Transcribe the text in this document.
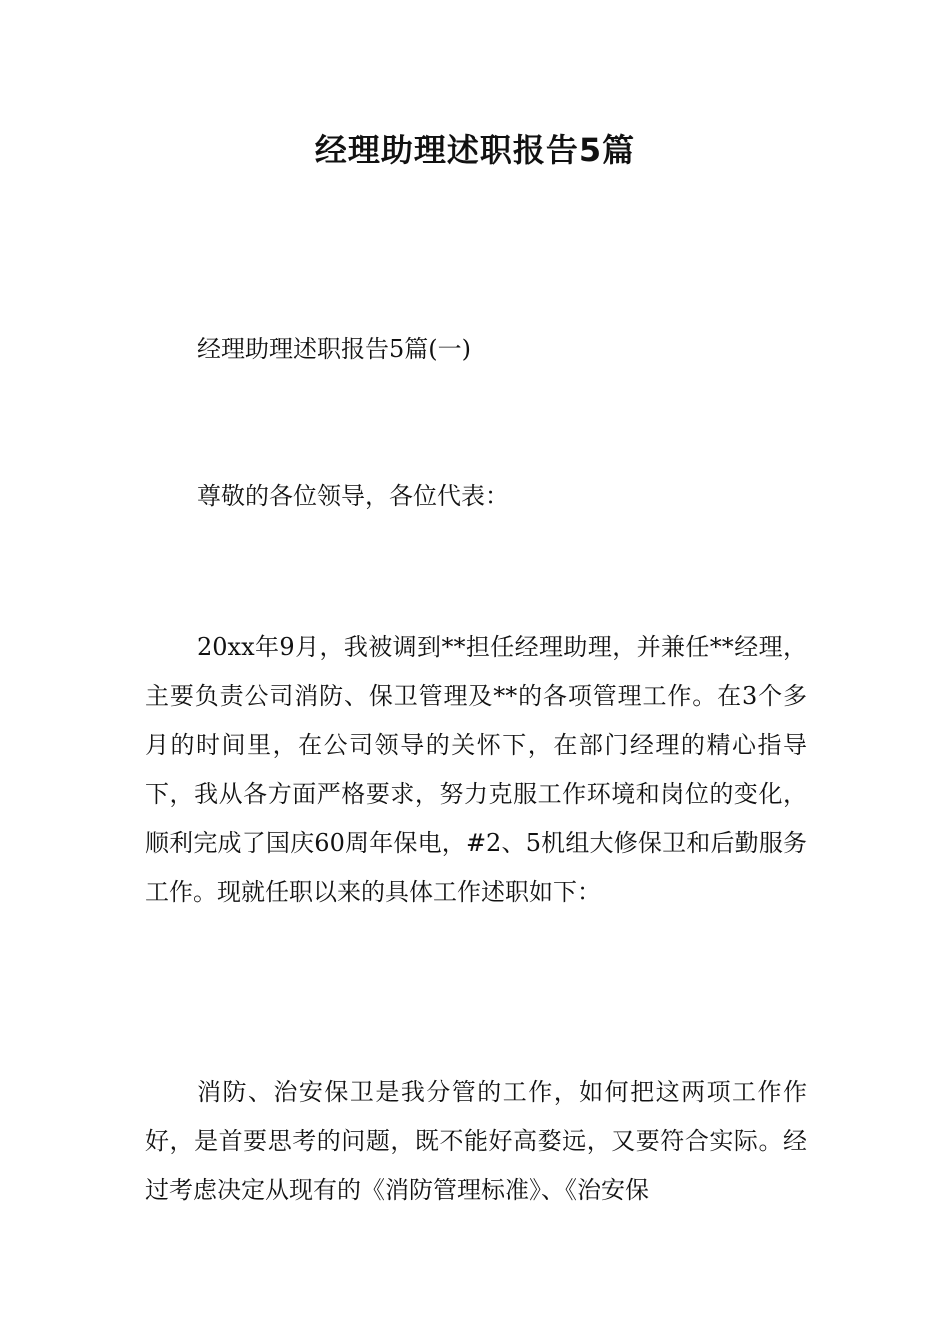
经理助理述职报告5篇
经理助理述职报告5篇(一)
尊敬的各位领导，各位代表：
20xx年9月，我被调到**担任经理助理，并兼任**经理，主要负责公司消防、保卫管理及**的各项管理工作。在3个多月的时间里，在公司领导的关怀下，在部门经理的精心指导下，我从各方面严格要求，努力克服工作环境和岗位的变化，顺利完成了国庆60周年保电，#2、5机组大修保卫和后勤服务工作。现就任职以来的具体工作述职如下：
消防、治安保卫是我分管的工作，如何把这两项工作作好，是首要思考的问题，既不能好高婺远，又要符合实际。经过考虑决定从现有的《消防管理标准》、《治安保
